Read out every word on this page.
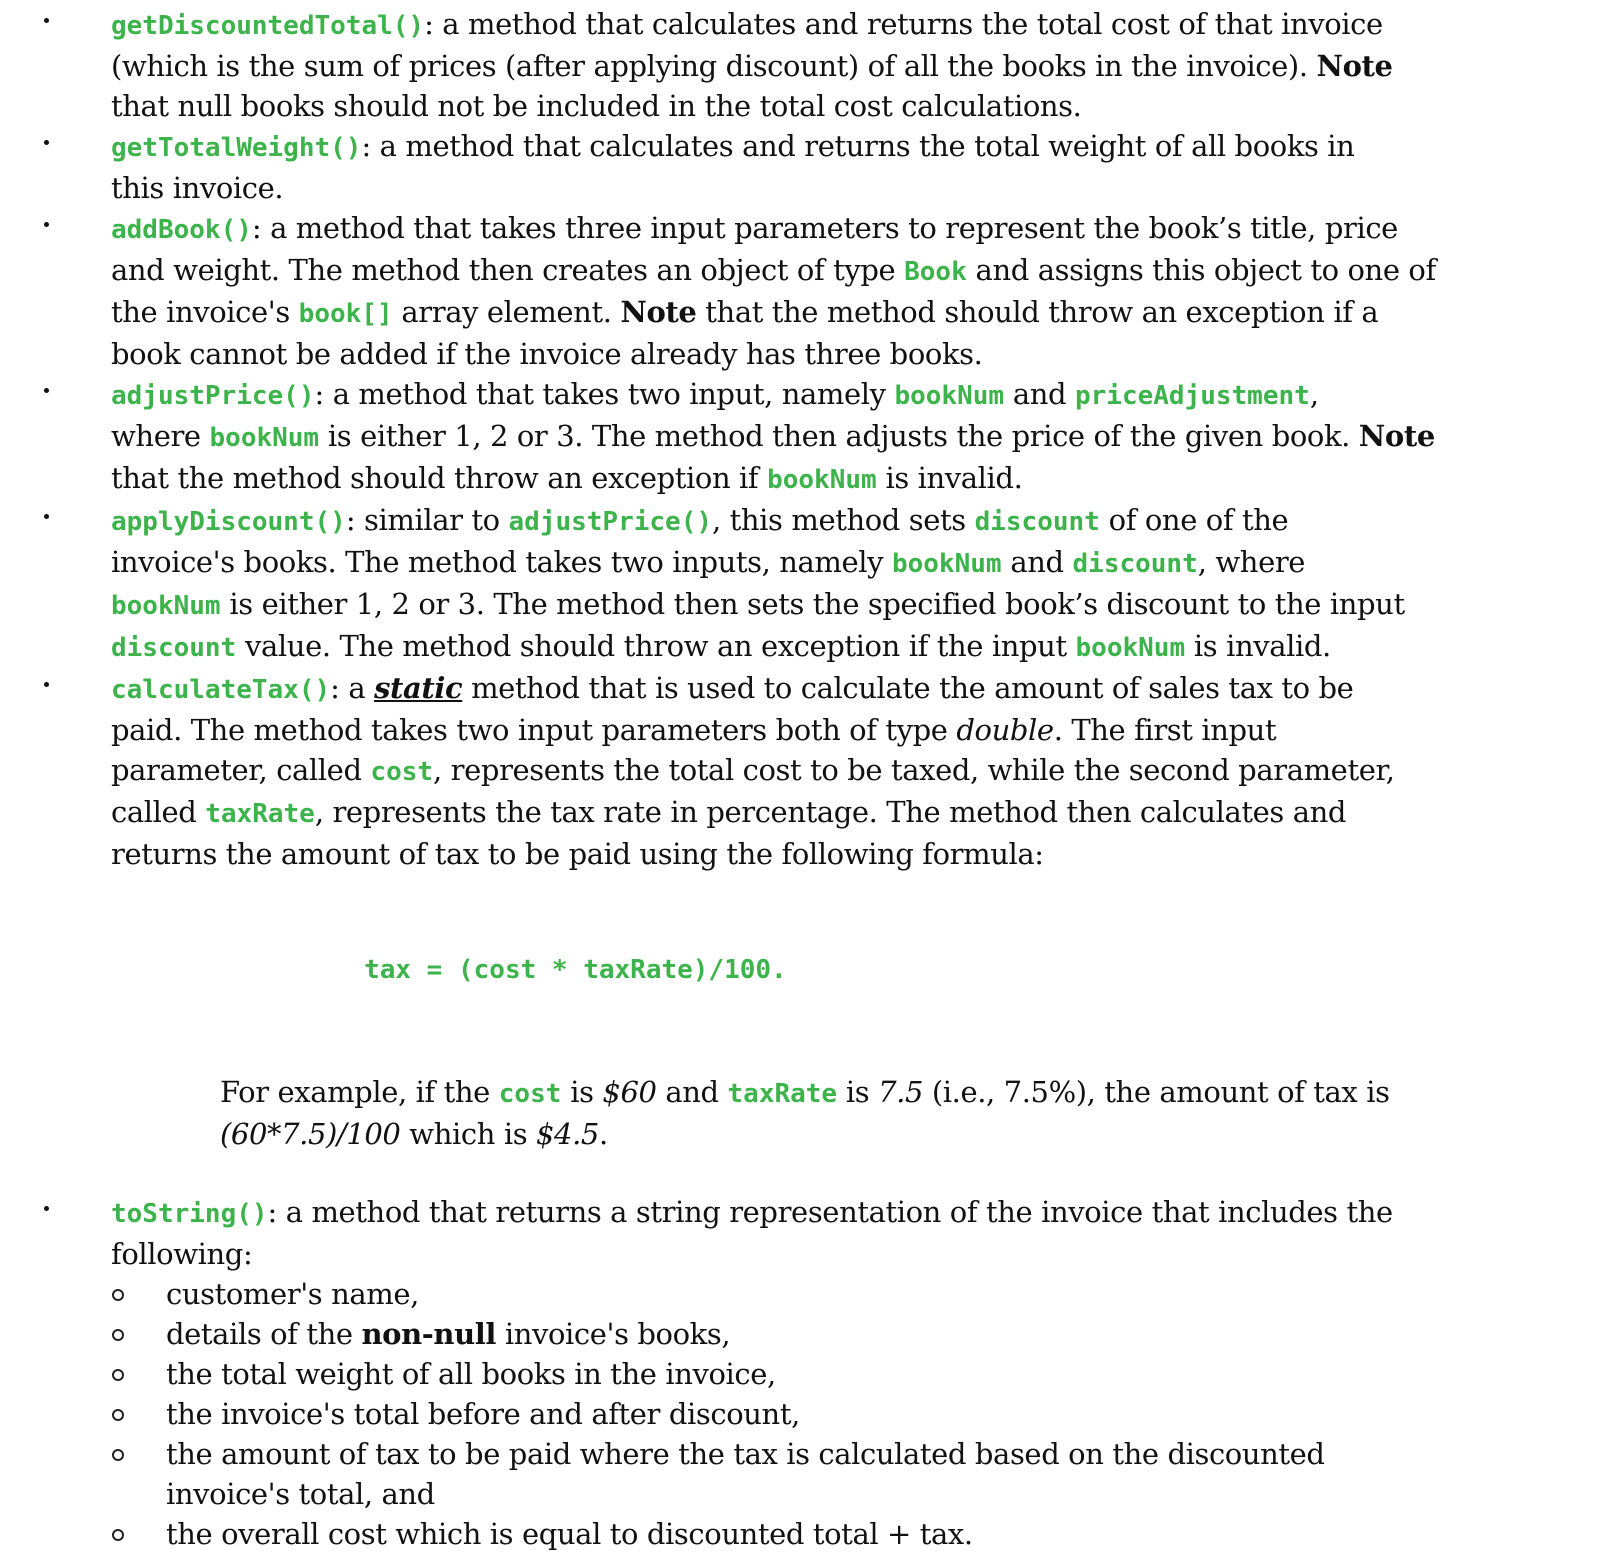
getDiscountedTotal(): a method that calculates and returns the total cost of that invoice
(which is the sum of prices (after applying discount) of all the books in the invoice). Note
that null books should not be included in the total cost calculations.
getTotalWeight(): a method that calculates and returns the total weight of all books in
this invoice.
addBook(): a method that takes three input parameters to represent the book’s title, price
and weight. The method then creates an object of type Book and assigns this object to one of
the invoice's book[] array element. Note that the method should throw an exception if a
book cannot be added if the invoice already has three books.
adjustPrice(): a method that takes two input, namely bookNum and priceAdjustment,
where bookNum is either 1, 2 or 3. The method then adjusts the price of the given book. Note
that the method should throw an exception if bookNum is invalid.
applyDiscount(): similar to adjustPrice(), this method sets discount of one of the
invoice's books. The method takes two inputs, namely bookNum and discount, where
bookNum is either 1, 2 or 3. The method then sets the specified book’s discount to the input
discount value. The method should throw an exception if the input bookNum is invalid.
calculateTax(): a static method that is used to calculate the amount of sales tax to be
paid. The method takes two input parameters both of type double. The first input
parameter, called cost, represents the total cost to be taxed, while the second parameter,
called taxRate, represents the tax rate in percentage. The method then calculates and
returns the amount of tax to be paid using the following formula:

tax = (cost * taxRate)/100.

For example, if the cost is $60 and taxRate is 7.5 (i.e., 7.5%), the amount of tax is
(60*7.5)/100 which is $4.5.
toString(): a method that returns a string representation of the invoice that includes the
following:
customer's name,
details of the non-null invoice's books,
the total weight of all books in the invoice,
the invoice's total before and after discount,
the amount of tax to be paid where the tax is calculated based on the discounted
invoice's total, and
the overall cost which is equal to discounted total + tax.
